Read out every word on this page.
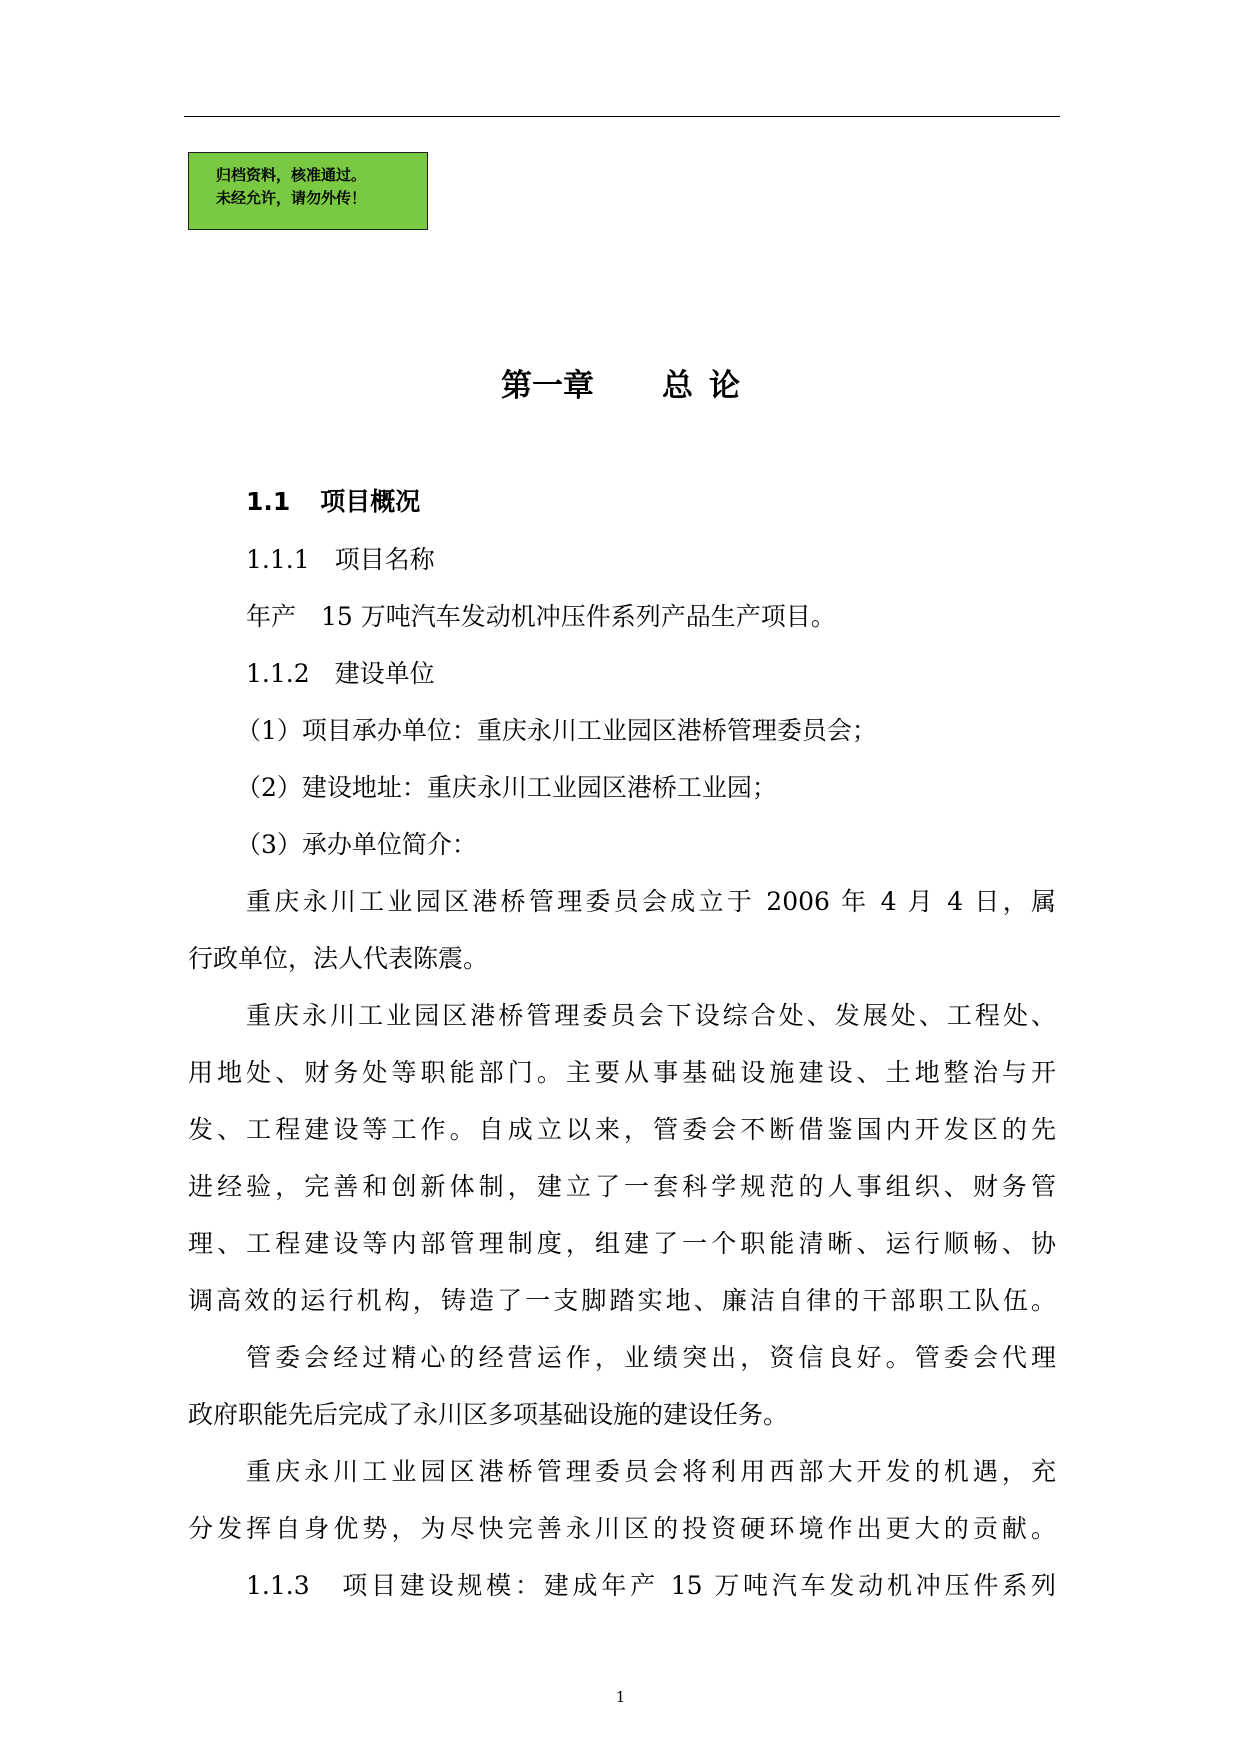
归档资料，核准通过。
未经允许，请勿外传！
第一章 总 论
1.1 项目概况
1.1.1　项目名称
年产　15 万吨汽车发动机冲压件系列产品生产项目。
1.1.2　建设单位
（1）项目承办单位：重庆永川工业园区港桥管理委员会；
（2）建设地址：重庆永川工业园区港桥工业园；
（3）承办单位简介：
重庆永川工业园区港桥管理委员会成立于 2006 年 4 月 4 日，属
行政单位，法人代表陈震。
重庆永川工业园区港桥管理委员会下设综合处、发展处、工程处、
用地处、财务处等职能部门。主要从事基础设施建设、土地整治与开
发、工程建设等工作。自成立以来，管委会不断借鉴国内开发区的先
进经验，完善和创新体制，建立了一套科学规范的人事组织、财务管
理、工程建设等内部管理制度，组建了一个职能清晰、运行顺畅、协
调高效的运行机构，铸造了一支脚踏实地、廉洁自律的干部职工队伍。
管委会经过精心的经营运作，业绩突出，资信良好。管委会代理
政府职能先后完成了永川区多项基础设施的建设任务。
重庆永川工业园区港桥管理委员会将利用西部大开发的机遇，充
分发挥自身优势，为尽快完善永川区的投资硬环境作出更大的贡献。
1.1.3　项目建设规模：建成年产 15 万吨汽车发动机冲压件系列
1
